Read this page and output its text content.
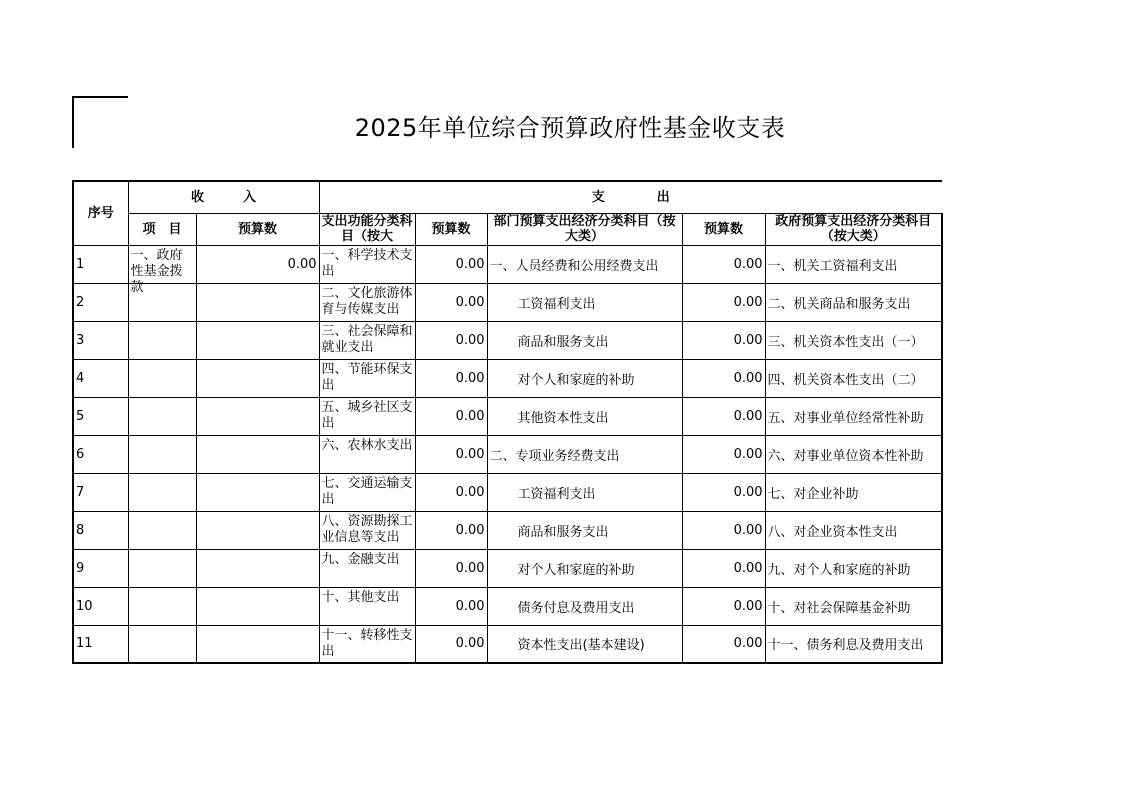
2025年单位综合预算政府性基金收支表
序号	收　　　入		支　　　　出				
	项　目	预算数	支出功能分类科目（按大	预算数	部门预算支出经济分类科目（按大类）	预算数	政府预算支出经济分类科目（按大类）
1	一、政府性基金拨款	0.00	一、科学技术支出	0.00	一、人员经费和公用经费支出	0.00	一、机关工资福利支出
2			二、文化旅游体育与传媒支出	0.00	工资福利支出	0.00	二、机关商品和服务支出
3			三、社会保障和就业支出	0.00	商品和服务支出	0.00	三、机关资本性支出（一）
4			四、节能环保支出	0.00	对个人和家庭的补助	0.00	四、机关资本性支出（二）
5			五、城乡社区支出	0.00	其他资本性支出	0.00	五、对事业单位经常性补助
6			六、农林水支出	0.00	二、专项业务经费支出	0.00	六、对事业单位资本性补助
7			七、交通运输支出	0.00	工资福利支出	0.00	七、对企业补助
8			八、资源勘探工业信息等支出	0.00	商品和服务支出	0.00	八、对企业资本性支出
9			九、金融支出	0.00	对个人和家庭的补助	0.00	九、对个人和家庭的补助
10			十、其他支出	0.00	债务付息及费用支出	0.00	十、对社会保障基金补助
11			十一、转移性支出	0.00	资本性支出(基本建设)	0.00	十一、债务利息及费用支出
